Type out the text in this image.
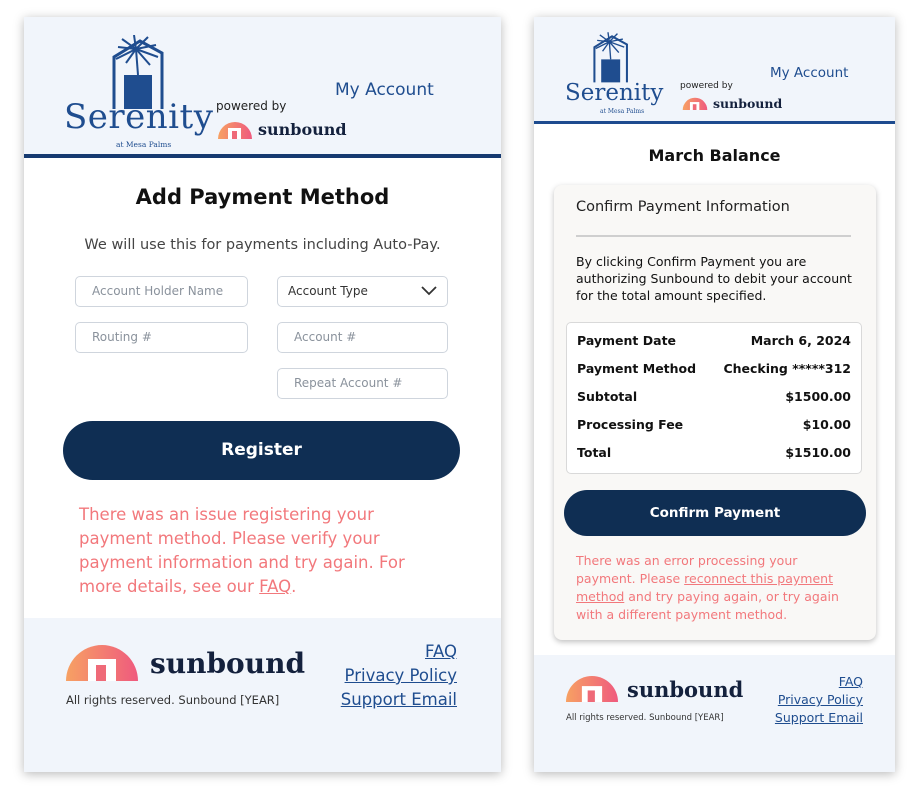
Serenity
at Mesa Palms
powered by
sunbound
My Account
Add Payment Method
We will use this for payments including Auto-Pay.
Account Holder Name	Account Type
Routing #	Account #
Repeat Account #
Register
There was an issue registering your
payment method. Please verify your
payment information and try again. For
more details, see our FAQ.
sunbound
All rights reserved. Sunbound [YEAR]
FAQ
Privacy Policy
Support Email
Serenity
at Mesa Palms
powered by
sunbound
My Account
March Balance
Confirm Payment Information
By clicking Confirm Payment you are authorizing Sunbound to debit your account for the total amount specified.
Payment Date	March 6, 2024
Payment Method Checking *****312
Subtotal	$1500.00
Processing Fee	$10.00
Total	$1510.00
Confirm Payment
There was an error processing your
payment. Please reconnect this payment
method and try paying again, or try again
with a different payment method.
sunbound
All rights reserved. Sunbound [YEAR]
FAQ
Privacy Policy
Support Email
